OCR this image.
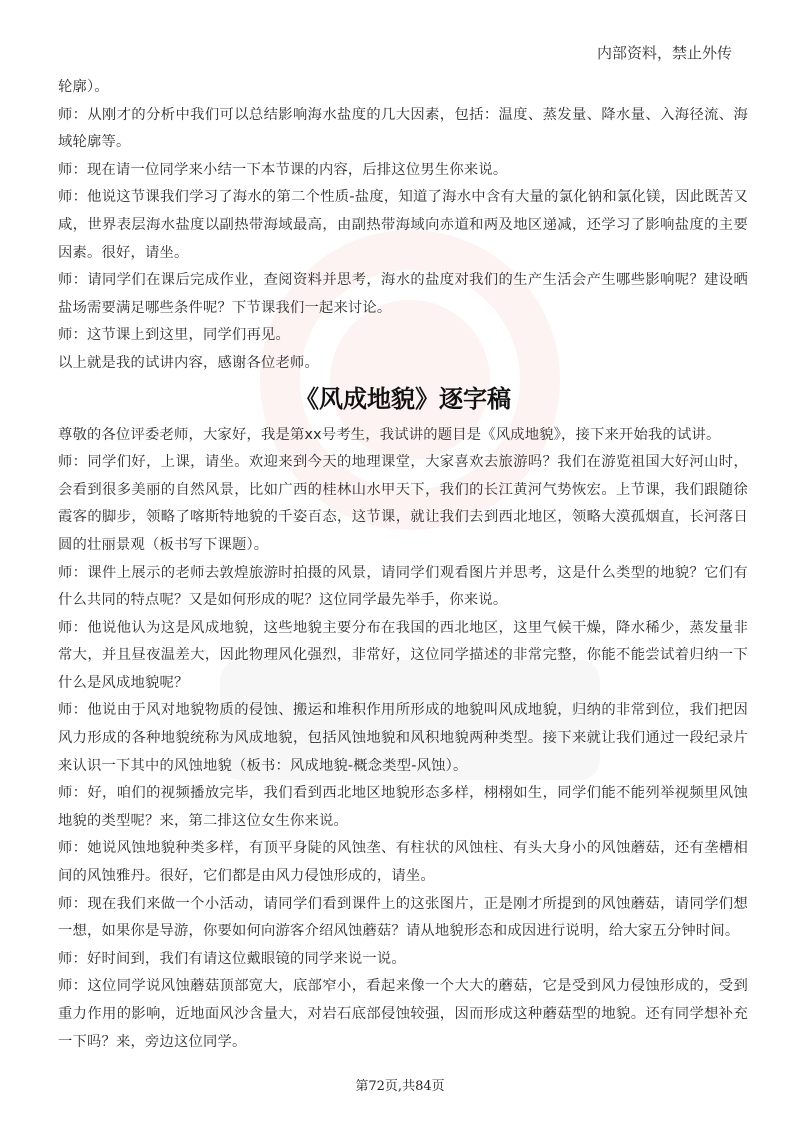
内部资料，禁止外传

轮廓）。

师：从刚才的分析中我们可以总结影响海水盐度的几大因素，包括：温度、蒸发量、降水量、入海径流、海域轮廓等。

师：现在请一位同学来小结一下本节课的内容，后排这位男生你来说。

师：他说这节课我们学习了海水的第二个性质-盐度，知道了海水中含有大量的氯化钠和氯化镁，因此既苦又咸，世界表层海水盐度以副热带海域最高，由副热带海域向赤道和两及地区递减，还学习了影响盐度的主要因素。很好，请坐。

师：请同学们在课后完成作业，查阅资料并思考，海水的盐度对我们的生产生活会产生哪些影响呢？建设晒盐场需要满足哪些条件呢？下节课我们一起来讨论。

师：这节课上到这里，同学们再见。

以上就是我的试讲内容，感谢各位老师。

《风成地貌》逐字稿

尊敬的各位评委老师，大家好，我是第xx号考生，我试讲的题目是《风成地貌》，接下来开始我的试讲。

师：同学们好，上课，请坐。欢迎来到今天的地理课堂，大家喜欢去旅游吗？我们在游览祖国大好河山时，会看到很多美丽的自然风景，比如广西的桂林山水甲天下，我们的长江黄河气势恢宏。上节课，我们跟随徐霞客的脚步，领略了喀斯特地貌的千姿百态，这节课，就让我们去到西北地区，领略大漠孤烟直，长河落日圆的壮丽景观（板书写下课题）。

师：课件上展示的老师去敦煌旅游时拍摄的风景，请同学们观看图片并思考，这是什么类型的地貌？它们有什么共同的特点呢？又是如何形成的呢？这位同学最先举手，你来说。

师：他说他认为这是风成地貌，这些地貌主要分布在我国的西北地区，这里气候干燥，降水稀少，蒸发量非常大，并且昼夜温差大，因此物理风化强烈，非常好，这位同学描述的非常完整，你能不能尝试着归纳一下什么是风成地貌呢？

师：他说由于风对地貌物质的侵蚀、搬运和堆积作用所形成的地貌叫风成地貌，归纳的非常到位，我们把因风力形成的各种地貌统称为风成地貌，包括风蚀地貌和风积地貌两种类型。接下来就让我们通过一段纪录片来认识一下其中的风蚀地貌（板书：风成地貌-概念类型-风蚀）。

师：好，咱们的视频播放完毕，我们看到西北地区地貌形态多样，栩栩如生，同学们能不能列举视频里风蚀地貌的类型呢？来，第二排这位女生你来说。

师：她说风蚀地貌种类多样，有顶平身陡的风蚀垄、有柱状的风蚀柱、有头大身小的风蚀蘑菇，还有垄槽相间的风蚀雅丹。很好，它们都是由风力侵蚀形成的，请坐。

师：现在我们来做一个小活动，请同学们看到课件上的这张图片，正是刚才所提到的风蚀蘑菇，请同学们想一想，如果你是导游，你要如何向游客介绍风蚀蘑菇？请从地貌形态和成因进行说明，给大家五分钟时间。

师：好时间到，我们有请这位戴眼镜的同学来说一说。

师：这位同学说风蚀蘑菇顶部宽大，底部窄小，看起来像一个大大的蘑菇，它是受到风力侵蚀形成的，受到重力作用的影响，近地面风沙含量大，对岩石底部侵蚀较强，因而形成这种蘑菇型的地貌。还有同学想补充一下吗？来，旁边这位同学。

第72页,共84页
